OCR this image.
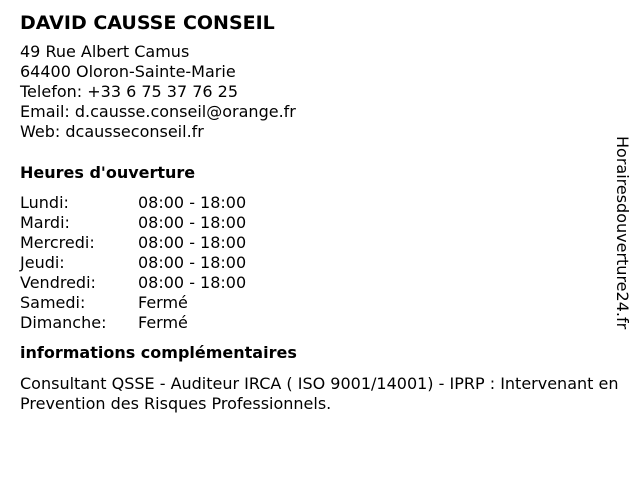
DAVID CAUSSE CONSEIL
49 Rue Albert Camus
64400 Oloron-Sainte-Marie
Telefon: +33 6 75 37 76 25
Email: d.causse.conseil@orange.fr
Web: dcausseconseil.fr
Heures d'ouverture
Lundi:	08:00 - 18:00
Mardi:	08:00 - 18:00
Mercredi:	08:00 - 18:00
Jeudi:	08:00 - 18:00
Vendredi:	08:00 - 18:00
Samedi:	Fermé
Dimanche:	Fermé
informations complémentaires
Consultant QSSE - Auditeur IRCA ( ISO 9001/14001) - IPRP : Intervenant en Prevention des Risques Professionnels.
Horairesdouverture24.fr
